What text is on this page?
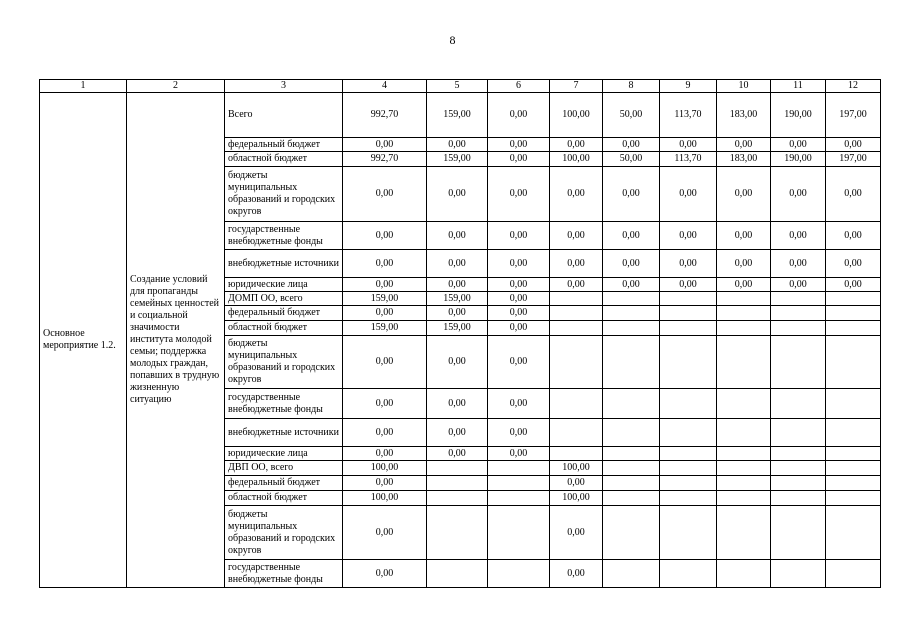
8
1	2	3	4	5	6	7	8	9	10	11	12
Основное мероприятие 1.2.	Создание условий для пропаганды семейных ценностей и социальной значимости института молодой семьи; поддержка молодых граждан, попавших в трудную жизненную ситуацию	Всего	992,70	159,00	0,00	100,00	50,00	113,70	183,00	190,00	197,00
		федеральный бюджет	0,00	0,00	0,00	0,00	0,00	0,00	0,00	0,00	0,00
		областной бюджет	992,70	159,00	0,00	100,00	50,00	113,70	183,00	190,00	197,00
		бюджеты муниципальных образований и городских округов	0,00	0,00	0,00	0,00	0,00	0,00	0,00	0,00	0,00
		государственные внебюджетные фонды	0,00	0,00	0,00	0,00	0,00	0,00	0,00	0,00	0,00
		внебюджетные источники	0,00	0,00	0,00	0,00	0,00	0,00	0,00	0,00	0,00
		юридические лица	0,00	0,00	0,00	0,00	0,00	0,00	0,00	0,00	0,00
		ДОМП ОО, всего	159,00	159,00	0,00						
		федеральный бюджет	0,00	0,00	0,00						
		областной бюджет	159,00	159,00	0,00						
		бюджеты муниципальных образований и городских округов	0,00	0,00	0,00						
		государственные внебюджетные фонды	0,00	0,00	0,00						
		внебюджетные источники	0,00	0,00	0,00						
		юридические лица	0,00	0,00	0,00						
		ДВП ОО, всего	100,00			100,00					
		федеральный бюджет	0,00			0,00					
		областной бюджет	100,00			100,00					
		бюджеты муниципальных образований и городских округов	0,00			0,00					
		государственные внебюджетные фонды	0,00			0,00					
